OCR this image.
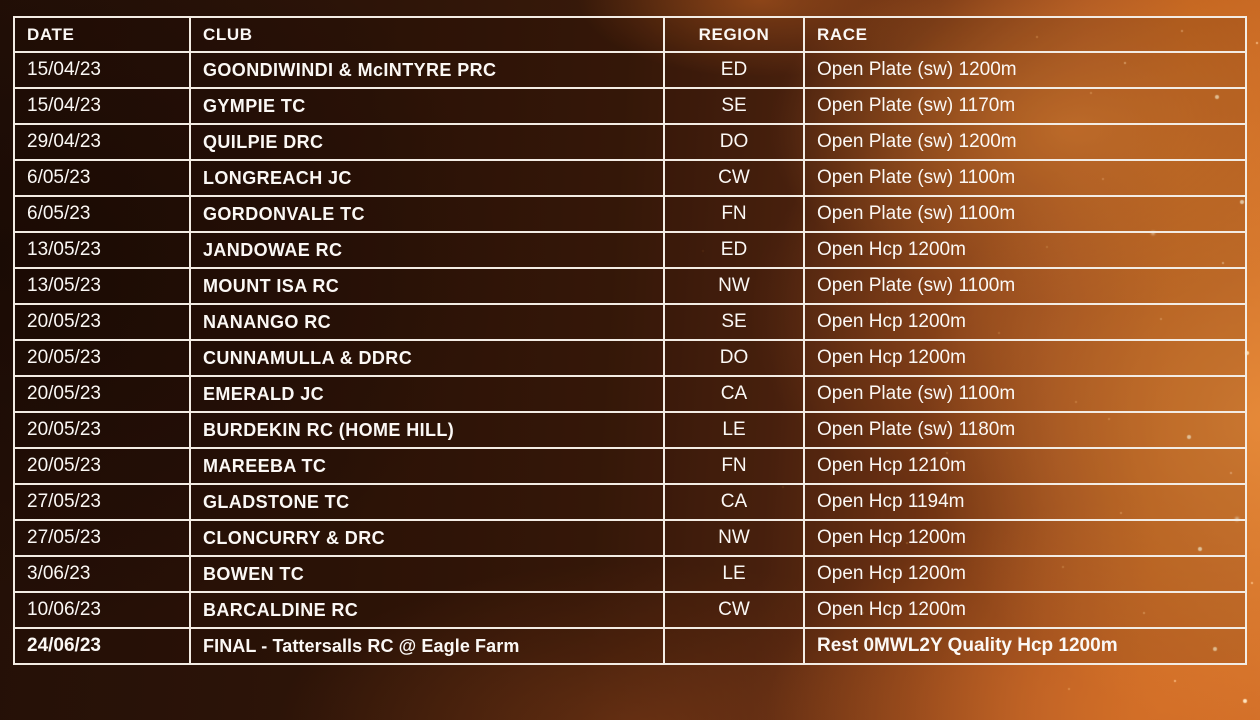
DATE	CLUB	REGION	RACE
15/04/23	GOONDIWINDI & McINTYRE PRC	ED	Open Plate (sw) 1200m
15/04/23	GYMPIE TC	SE	Open Plate (sw) 1170m
29/04/23	QUILPIE DRC	DO	Open Plate (sw) 1200m
6/05/23	LONGREACH JC	CW	Open Plate (sw) 1100m
6/05/23	GORDONVALE TC	FN	Open Plate (sw) 1100m
13/05/23	JANDOWAE RC	ED	Open Hcp 1200m
13/05/23	MOUNT ISA RC	NW	Open Plate (sw) 1100m
20/05/23	NANANGO RC	SE	Open Hcp 1200m
20/05/23	CUNNAMULLA & DDRC	DO	Open Hcp 1200m
20/05/23	EMERALD JC	CA	Open Plate (sw) 1100m
20/05/23	BURDEKIN RC (HOME HILL)	LE	Open Plate (sw) 1180m
20/05/23	MAREEBA TC	FN	Open Hcp 1210m
27/05/23	GLADSTONE TC	CA	Open Hcp 1194m
27/05/23	CLONCURRY & DRC	NW	Open Hcp 1200m
3/06/23	BOWEN TC	LE	Open Hcp 1200m
10/06/23	BARCALDINE RC	CW	Open Hcp 1200m
24/06/23	FINAL - Tattersalls RC @ Eagle Farm		Rest 0MWL2Y Quality Hcp 1200m
